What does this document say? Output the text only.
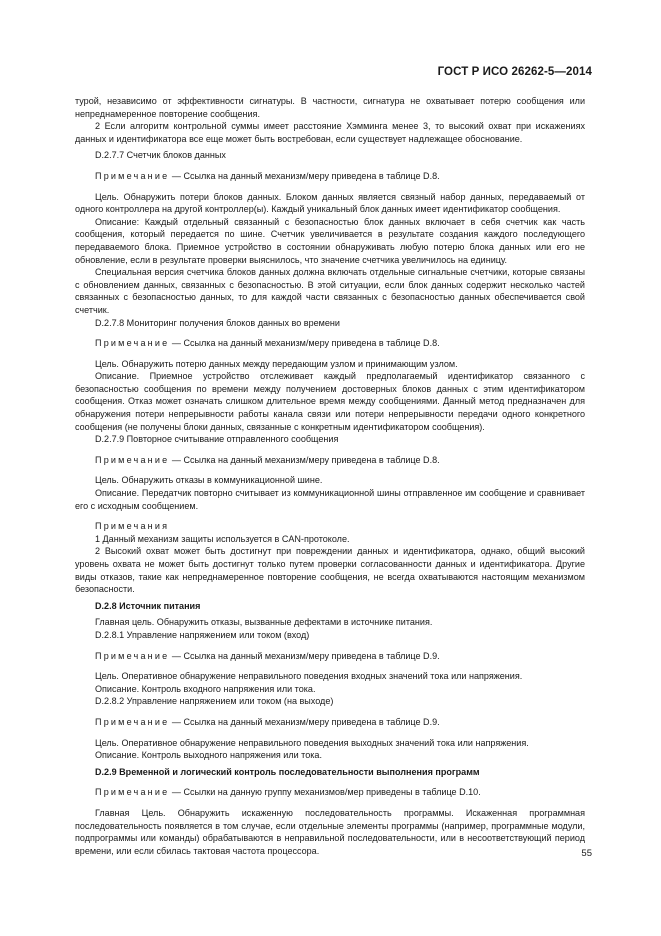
ГОСТ Р ИСО 26262-5—2014

турой, независимо от эффективности сигнатуры. В частности, сигнатура не охватывает потерю сообщения или непреднамеренное повторение сообщения.

2 Если алгоритм контрольной суммы имеет расстояние Хэмминга менее 3, то высокий охват при искажениях данных и идентификатора все еще может быть востребован, если существует надлежащее обоснование.

D.2.7.7 Счетчик блоков данных

Примечание — Ссылка на данный механизм/меру приведена в таблице D.8.

Цель. Обнаружить потери блоков данных. Блоком данных является связный набор данных, передаваемый от одного контроллера на другой контроллер(ы). Каждый уникальный блок данных имеет идентификатор сообщения.

Описание: Каждый отдельный связанный с безопасностью блок данных включает в себя счетчик как часть сообщения, который передается по шине. Счетчик увеличивается в результате создания каждого последующего передаваемого блока. Приемное устройство в состоянии обнаруживать любую потерю блока данных или его не обновление, если в результате проверки выяснилось, что значение счетчика увеличилось на единицу.

Специальная версия счетчика блоков данных должна включать отдельные сигнальные счетчики, которые связаны с обновлением данных, связанных с безопасностью. В этой ситуации, если блок данных содержит несколько частей связанных с безопасностью данных, то для каждой части связанных с безопасностью данных обеспечивается свой счетчик.

D.2.7.8 Мониторинг получения блоков данных во времени

Примечание — Ссылка на данный механизм/меру приведена в таблице D.8.

Цель. Обнаружить потерю данных между передающим узлом и принимающим узлом.

Описание. Приемное устройство отслеживает каждый предполагаемый идентификатор связанного с безопасностью сообщения по времени между получением достоверных блоков данных с этим идентификатором сообщения. Отказ может означать слишком длительное время между сообщениями. Данный метод предназначен для обнаружения потери непрерывности работы канала связи или потери непрерывности передачи одного конкретного сообщения (не получены блоки данных, связанные с конкретным идентификатором сообщения).

D.2.7.9 Повторное считывание отправленного сообщения

Примечание — Ссылка на данный механизм/меру приведена в таблице D.8.

Цель. Обнаружить отказы в коммуникационной шине.

Описание. Передатчик повторно считывает из коммуникационной шины отправленное им сообщение и сравнивает его с исходным сообщением.

Примечания

1 Данный механизм защиты используется в CAN-протоколе.

2 Высокий охват может быть достигнут при повреждении данных и идентификатора, однако, общий высокий уровень охвата не может быть достигнут только путем проверки согласованности данных и идентификатора. Другие виды отказов, такие как непреднамеренное повторение сообщения, не всегда охватываются настоящим механизмом безопасности.

D.2.8 Источник питания

Главная цель. Обнаружить отказы, вызванные дефектами в источнике питания.

D.2.8.1 Управление напряжением или током (вход)

Примечание — Ссылка на данный механизм/меру приведена в таблице D.9.

Цель. Оперативное обнаружение неправильного поведения входных значений тока или напряжения.

Описание. Контроль входного напряжения или тока.

D.2.8.2 Управление напряжением или током (на выходе)

Примечание — Ссылка на данный механизм/меру приведена в таблице D.9.

Цель. Оперативное обнаружение неправильного поведения выходных значений тока или напряжения.

Описание. Контроль выходного напряжения или тока.

D.2.9 Временной и логический контроль последовательности выполнения программ

Примечание — Ссылки на данную группу механизмов/мер приведены в таблице D.10.

Главная Цель. Обнаружить искаженную последовательность программы. Искаженная программная последовательность появляется в том случае, если отдельные элементы программы (например, программные модули, подпрограммы или команды) обрабатываются в неправильной последовательности, или в несоответствующий период времени, или если сбилась тактовая частота процессора.	55
